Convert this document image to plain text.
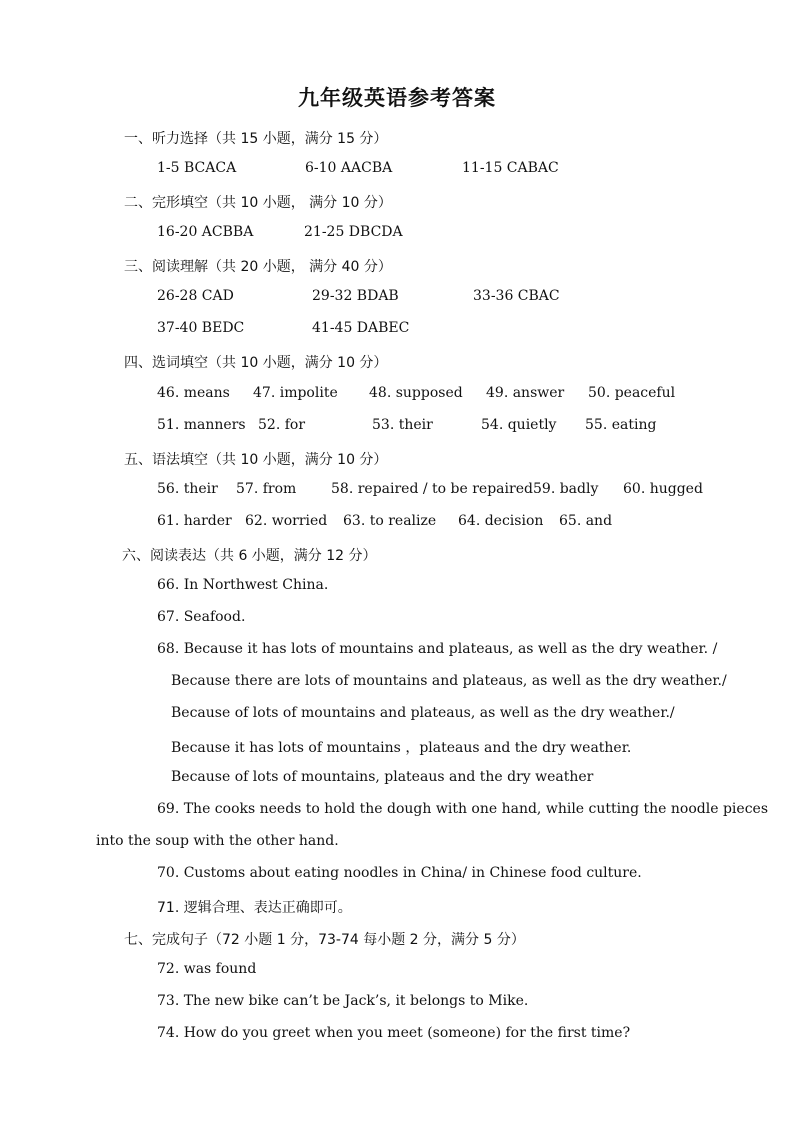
九年级英语参考答案
一、听力选择（共 15 小题，满分 15 分）
1-5 BCACA	6-10 AACBA	11-15 CABAC
二、完形填空（共 10 小题， 满分 10 分）
16-20 ACBBA	21-25 DBCDA
三、阅读理解（共 20 小题， 满分 40 分）
26-28 CAD	29-32 BDAB	33-36 CBAC
37-40 BEDC	41-45 DABEC
四、选词填空（共 10 小题，满分 10 分）
46. means 47. impolite 48. supposed 49. answer 50. peaceful
51. manners 52. for	53. their	54. quietly 55. eating
五、语法填空（共 10 小题，满分 10 分）
56. their 57. from 58. repaired / to be repaired 59. badly 60. hugged
61. harder 62. worried 63. to realize 64. decision 65. and
六、阅读表达（共 6 小题，满分 12 分）
66. In Northwest China.
67. Seafood.
68. Because it has lots of mountains and plateaus, as well as the dry weather. /
Because there are lots of mountains and plateaus, as well as the dry weather./
Because of lots of mountains and plateaus, as well as the dry weather./
Because it has lots of mountains ，plateaus and the dry weather.
Because of lots of mountains, plateaus and the dry weather
69. The cooks needs to hold the dough with one hand, while cutting the noodle pieces
into the soup with the other hand.
70. Customs about eating noodles in China/ in Chinese food culture.
71. 逻辑合理、表达正确即可。
七、完成句子（72 小题 1 分，73-74 每小题 2 分，满分 5 分）
72. was found
73. The new bike can’t be Jack’s, it belongs to Mike.
74. How do you greet when you meet (someone) for the first time?
